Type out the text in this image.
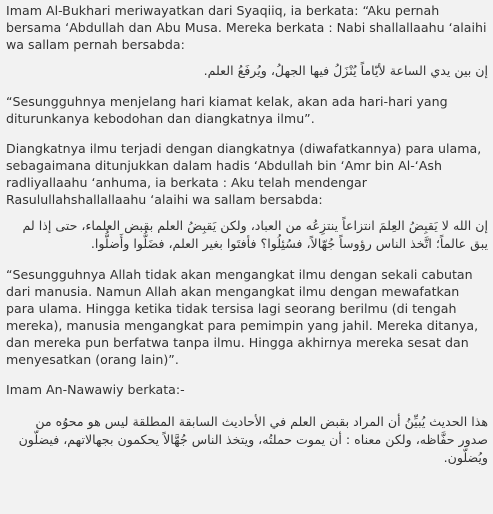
Imam Al-Bukhari meriwayatkan dari Syaqiiq, ia berkata: “Aku pernah bersama ‘Abdullah dan Abu Musa. Mereka berkata : Nabi shallallaahu ‘alaihi wa sallam pernah bersabda:

إن بين يدي الساعة لأيّاماً يُنْزَلُ فيها الجهلُ، ويُرفَعُ العلم.

“Sesungguhnya menjelang hari kiamat kelak, akan ada hari-hari yang diturunkanya kebodohan dan diangkatnya ilmu”.

Diangkatnya ilmu terjadi dengan diangkatnya (diwafatkannya) para ulama, sebagaimana ditunjukkan dalam hadis ‘Abdullah bin ‘Amr bin Al-‘Ash radliyallaahu ‘anhuma, ia berkata : Aku telah mendengar Rasulullahshallallaahu ‘alaihi wa sallam bersabda:

إن الله لا يَقبِضُ العِلمَ انتزاعاً ينتزِعُه من العباد، ولكن يَقبِضُ العلم بقبض العلماء، حتى إذا لم يبق عالماً؛ اتَّخذ الناس رؤوساً جُهّالاً، فسُئِلُوا؟ فأفتَوا بغير العلم، فضَلُّوا وأَضلُّوا.

“Sesungguhnya Allah tidak akan mengangkat ilmu dengan sekali cabutan dari manusia. Namun Allah akan mengangkat ilmu dengan mewafatkan para ulama. Hingga ketika tidak tersisa lagi seorang berilmu (di tengah mereka), manusia mengangkat para pemimpin yang jahil. Mereka ditanya, dan mereka pun berfatwa tanpa ilmu. Hingga akhirnya mereka sesat dan menyesatkan (orang lain)”.

Imam An-Nawawiy berkata:-

هذا الحديث يُبيِّنُ أن المراد بقبض العلم في الأحاديث السابقة المطلقة ليس هو محوُه من صدور حفَّاظه، ولكن معناه : أن يموت حملتُه، ويتخذ الناس جُهَّالاً يحكمون بجهالاتهم، فيضلّون ويُضلّون.
